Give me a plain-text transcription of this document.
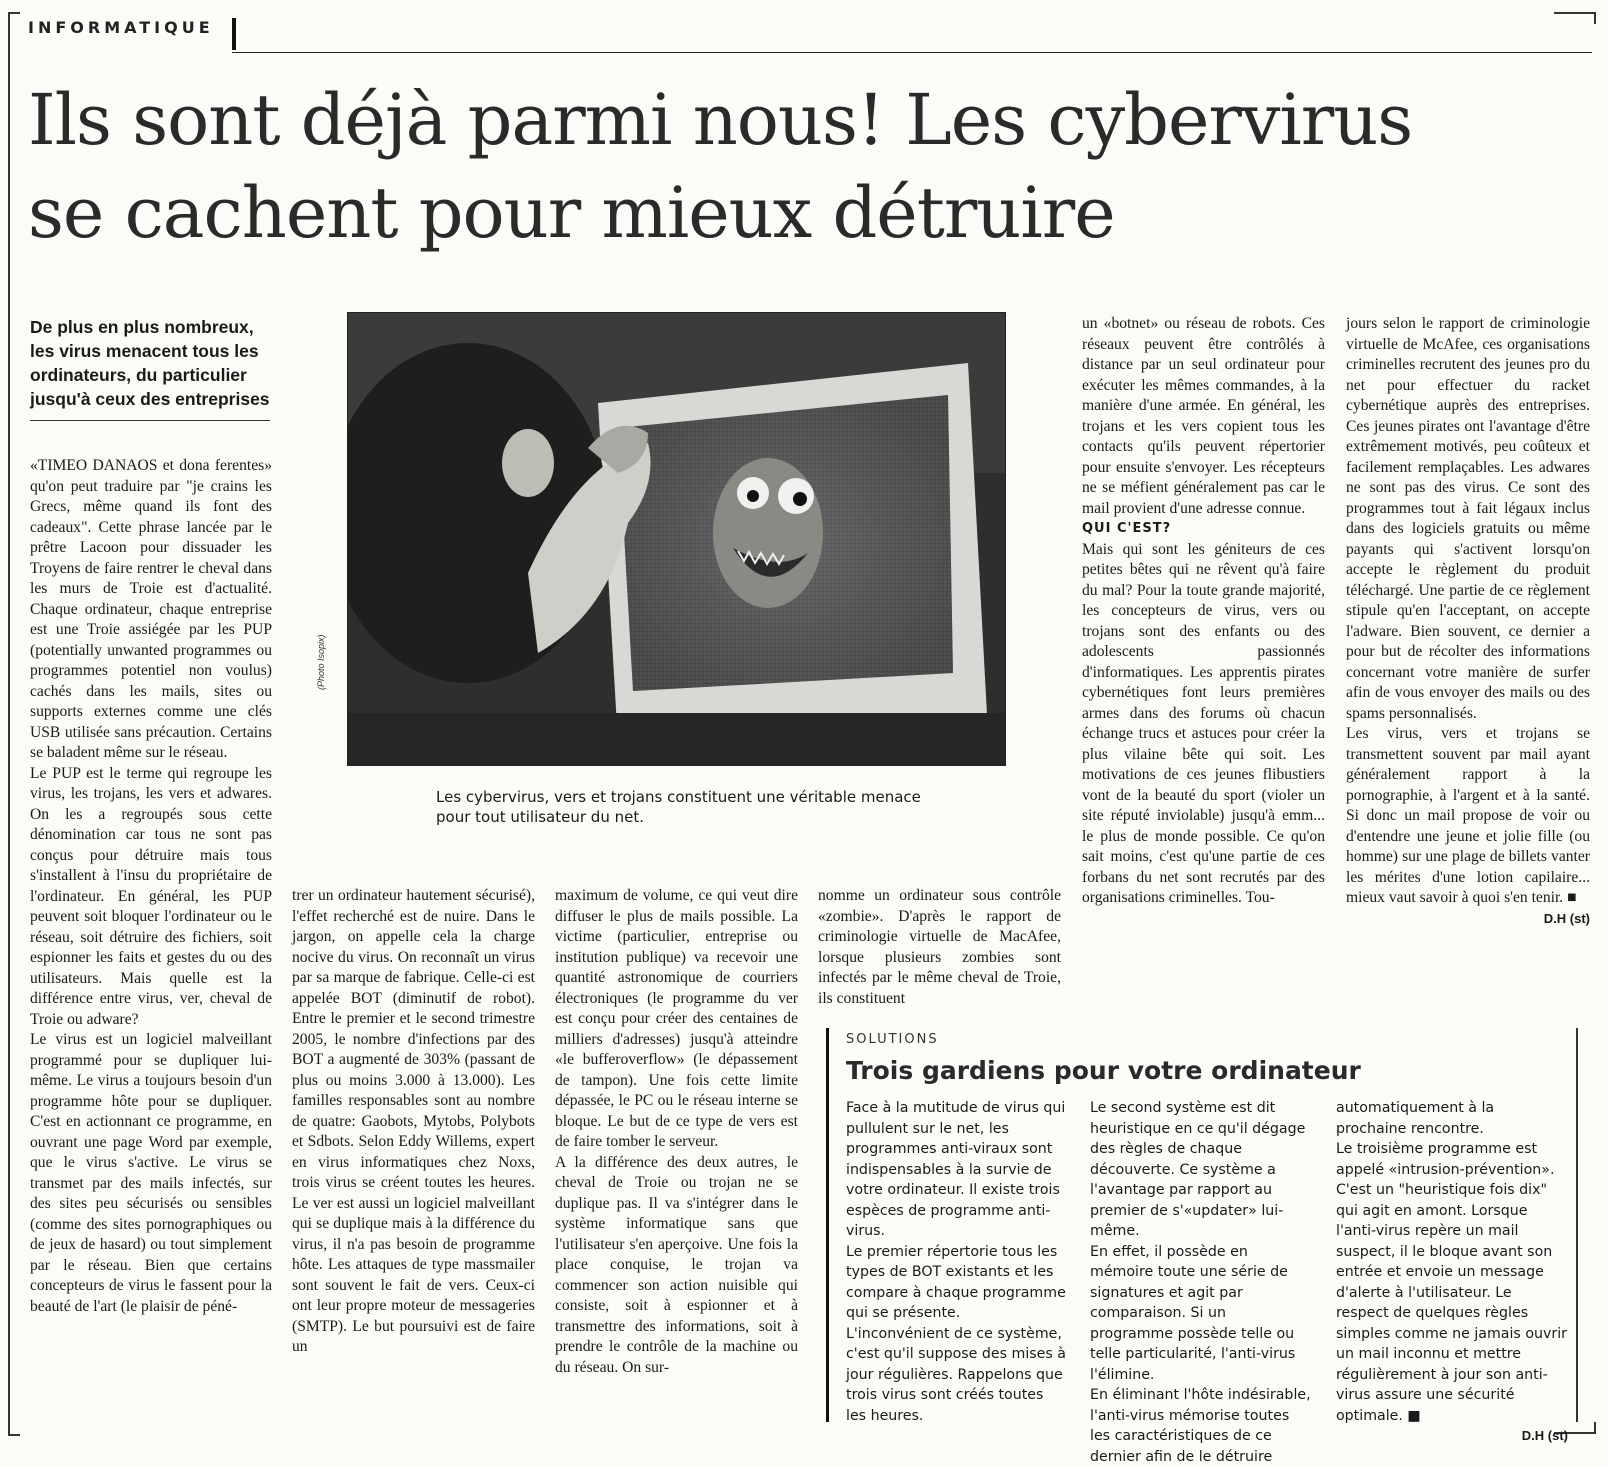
INFORMATIQUE
Ils sont déjà parmi nous! Les cybervirus
se cachent pour mieux détruire
De plus en plus nombreux, les virus menacent tous les ordinateurs, du particulier jusqu'à ceux des entreprises
(Photo Isopix)
Les cybervirus, vers et trojans constituent une véritable menace pour tout utilisateur du net.

«TIMEO DANAOS et dona ferentes» qu'on peut traduire par "je crains les Grecs, même quand ils font des cadeaux". Cette phrase lancée par le prêtre Lacoon pour dissuader les Troyens de faire rentrer le cheval dans les murs de Troie est d'actualité. Chaque ordinateur, chaque entreprise est une Troie assiégée par les PUP (potentially unwanted programmes ou programmes potentiel non voulus) cachés dans les mails, sites ou supports externes comme une clés USB utilisée sans précaution. Certains se baladent même sur le réseau.

Le PUP est le terme qui regroupe les virus, les trojans, les vers et adwares. On les a regroupés sous cette dénomination car tous ne sont pas conçus pour détruire mais tous s'installent à l'insu du propriétaire de l'ordinateur. En général, les PUP peuvent soit bloquer l'ordinateur ou le réseau, soit détruire des fichiers, soit espionner les faits et gestes du ou des utilisateurs. Mais quelle est la différence entre virus, ver, cheval de Troie ou adware?

Le virus est un logiciel malveillant programmé pour se dupliquer lui-même. Le virus a toujours besoin d'un programme hôte pour se dupliquer. C'est en actionnant ce programme, en ouvrant une page Word par exemple, que le virus s'active. Le virus se transmet par des mails infectés, sur des sites peu sécurisés ou sensibles (comme des sites pornographiques ou de jeux de hasard) ou tout simplement par le réseau. Bien que certains concepteurs de virus le fassent pour la beauté de l'art (le plaisir de péné-

trer un ordinateur hautement sécurisé), l'effet recherché est de nuire. Dans le jargon, on appelle cela la charge nocive du virus. On reconnaît un virus par sa marque de fabrique. Celle-ci est appelée BOT (diminutif de robot). Entre le premier et le second trimestre 2005, le nombre d'infections par des BOT a augmenté de 303% (passant de plus ou moins 3.000 à 13.000). Les familles responsables sont au nombre de quatre: Gaobots, Mytobs, Polybots et Sdbots. Selon Eddy Willems, expert en virus informatiques chez Noxs, trois virus se créent toutes les heures. Le ver est aussi un logiciel malveillant qui se duplique mais à la différence du virus, il n'a pas besoin de programme hôte. Les attaques de type massmailer sont souvent le fait de vers. Ceux-ci ont leur propre moteur de messageries (SMTP). Le but poursuivi est de faire un

maximum de volume, ce qui veut dire diffuser le plus de mails possible. La victime (particulier, entreprise ou institution publique) va recevoir une quantité astronomique de courriers électroniques (le programme du ver est conçu pour créer des centaines de milliers d'adresses) jusqu'à atteindre «le bufferoverflow» (le dépassement de tampon). Une fois cette limite dépassée, le PC ou le réseau interne se bloque. Le but de ce type de vers est de faire tomber le serveur.

A la différence des deux autres, le cheval de Troie ou trojan ne se duplique pas. Il va s'intégrer dans le système informatique sans que l'utilisateur s'en aperçoive. Une fois la place conquise, le trojan va commencer son action nuisible qui consiste, soit à espionner et à transmettre des informations, soit à prendre le contrôle de la machine ou du réseau. On sur-

nomme un ordinateur sous contrôle «zombie». D'après le rapport de criminologie virtuelle de MacAfee, lorsque plusieurs zombies sont infectés par le même cheval de Troie, ils constituent

un «botnet» ou réseau de robots. Ces réseaux peuvent être contrôlés à distance par un seul ordinateur pour exécuter les mêmes commandes, à la manière d'une armée. En général, les trojans et les vers copient tous les contacts qu'ils peuvent répertorier pour ensuite s'envoyer. Les récepteurs ne se méfient généralement pas car le mail provient d'une adresse connue.

QUI C'EST?

Mais qui sont les géniteurs de ces petites bêtes qui ne rêvent qu'à faire du mal? Pour la toute grande majorité, les concepteurs de virus, vers ou trojans sont des enfants ou des adolescents passionnés d'informatiques. Les apprentis pirates cybernétiques font leurs premières armes dans des forums où chacun échange trucs et astuces pour créer la plus vilaine bête qui soit. Les motivations de ces jeunes flibustiers vont de la beauté du sport (violer un site réputé inviolable) jusqu'à emm... le plus de monde possible. Ce qu'on sait moins, c'est qu'une partie de ces forbans du net sont recrutés par des organisations criminelles. Tou-

jours selon le rapport de criminologie virtuelle de McAfee, ces organisations criminelles recrutent des jeunes pro du net pour effectuer du racket cybernétique auprès des entreprises. Ces jeunes pirates ont l'avantage d'être extrêmement motivés, peu coûteux et facilement remplaçables. Les adwares ne sont pas des virus. Ce sont des programmes tout à fait légaux inclus dans des logiciels gratuits ou même payants qui s'activent lorsqu'on accepte le règlement du produit téléchargé. Une partie de ce règlement stipule qu'en l'acceptant, on accepte l'adware. Bien souvent, ce dernier a pour but de récolter des informations concernant votre manière de surfer afin de vous envoyer des mails ou des spams personnalisés.

Les virus, vers et trojans se transmettent souvent par mail ayant généralement rapport à la pornographie, à l'argent et à la santé. Si donc un mail propose de voir ou d'entendre une jeune et jolie fille (ou homme) sur une plage de billets vanter les mérites d'une lotion capilaire... mieux vaut savoir à quoi s'en tenir. ■

D.H (st)
SOLUTIONS
Trois gardiens pour votre ordinateur

Face à la mutitude de virus qui pullulent sur le net, les programmes anti-viraux sont indispensables à la survie de votre ordinateur. Il existe trois espèces de programme anti-virus.

Le premier répertorie tous les types de BOT existants et les compare à chaque programme qui se présente. L'inconvénient de ce système, c'est qu'il suppose des mises à jour régulières. Rappelons que trois virus sont créés toutes les heures.

Le second système est dit heuristique en ce qu'il dégage des règles de chaque découverte. Ce système a l'avantage par rapport au premier de s'«updater» lui-même.

En effet, il possède en mémoire toute une série de signatures et agit par comparaison. Si un programme possède telle ou telle particularité, l'anti-virus l'élimine.

En éliminant l'hôte indésirable, l'anti-virus mémorise toutes les caractéristiques de ce dernier afin de le détruire

automatiquement à la prochaine rencontre.

Le troisième programme est appelé «intrusion-prévention». C'est un "heuristique fois dix" qui agit en amont. Lorsque l'anti-virus repère un mail suspect, il le bloque avant son entrée et envoie un message d'alerte à l'utilisateur. Le respect de quelques règles simples comme ne jamais ouvrir un mail inconnu et mettre régulièrement à jour son anti-virus assure une sécurité optimale. ■

D.H (st)
